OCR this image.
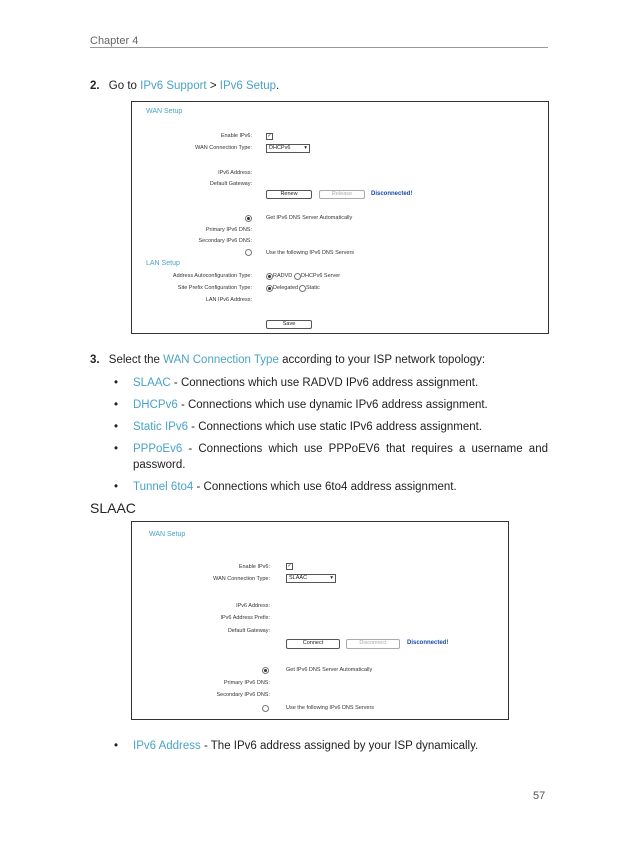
Chapter 4
2. Go to IPv6 Support > IPv6 Setup.
WAN Setup
Enable IPv6:	✓
WAN Connection Type:	DHCPv6	▾
IPv6 Address:
Default Gateway:
Renew	Release	Disconnected!
Get IPv6 DNS Server Automatically
Primary IPv6 DNS:
Secondary IPv6 DNS:
Use the following IPv6 DNS Servers
LAN Setup
Address Autoconfiguration Type:	RADVD DHCPv6 Server
Site Prefix Configuration Type:	Delegated Static
LAN IPv6 Address:
Save
3. Select the WAN Connection Type according to your ISP network topology:
• SLAAC - Connections which use RADVD IPv6 address assignment.
• DHCPv6 - Connections which use dynamic IPv6 address assignment.
• Static IPv6 - Connections which use static IPv6 address assignment.
• PPPoEv6 - Connections which use PPPoEV6 that requires a username and
password.
• Tunnel 6to4 - Connections which use 6to4 address assignment.
SLAAC
WAN Setup
Enable IPv6:	✓
WAN Connection Type:	SLAAC	▾
IPv6 Address:
IPv6 Address Prefix:
Default Gateway:
Connect	Disconnect	Disconnected!
Get IPv6 DNS Server Automatically
Primary IPv6 DNS:
Secondary IPv6 DNS:
Use the following IPv6 DNS Servers
• IPv6 Address - The IPv6 address assigned by your ISP dynamically.
57
